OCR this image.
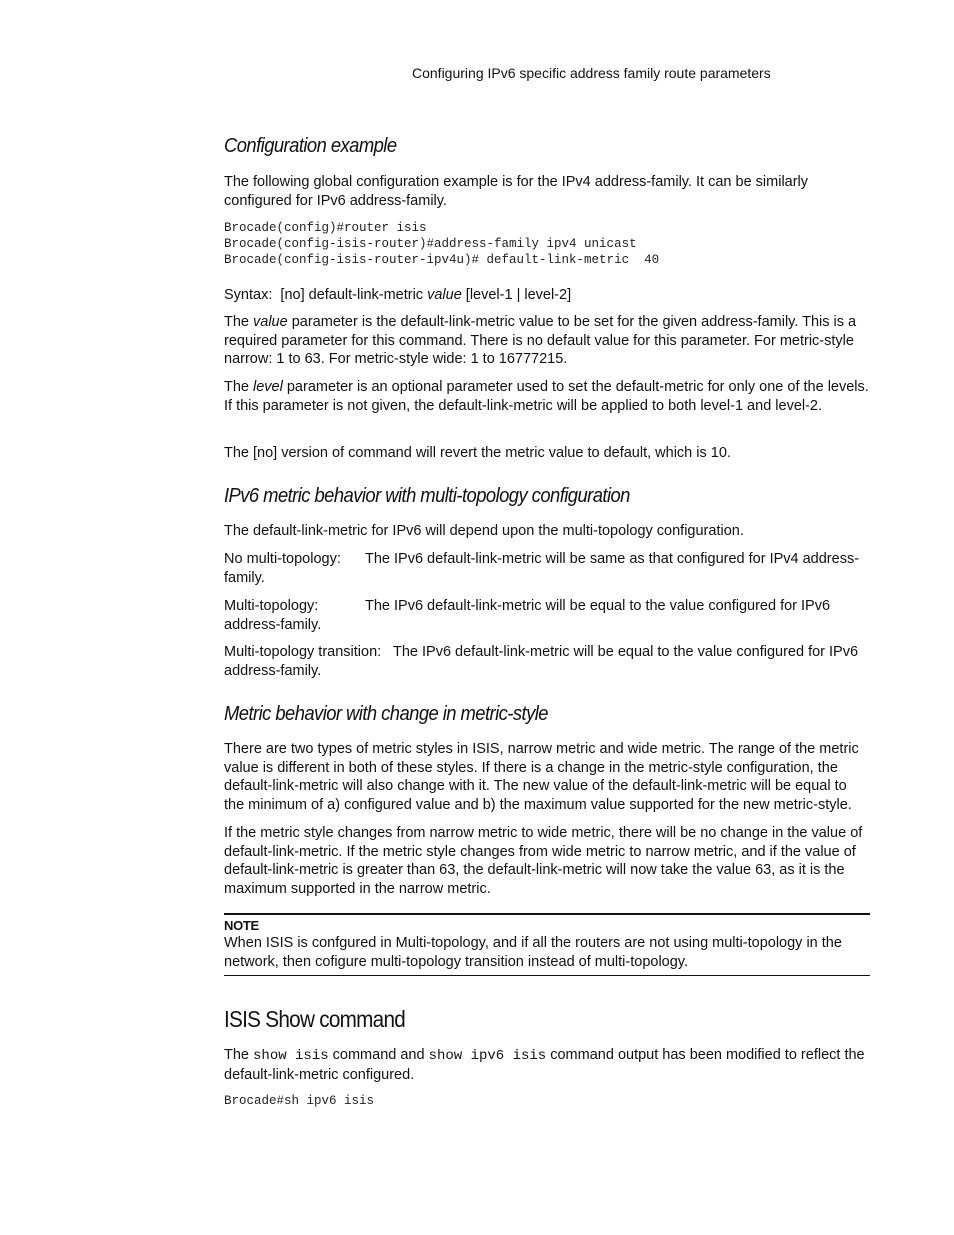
Configuring IPv6 specific address family route parameters
Configuration example

The following global configuration example is for the IPv4 address-family. It can be similarly configured for IPv6 address-family.

Brocade(config)#router isis
Brocade(config-isis-router)#address-family ipv4 unicast
Brocade(config-isis-router-ipv4u)# default-link-metric  40
Syntax: [no] default-link-metric value [level-1 | level-2]

The value parameter is the default-link-metric value to be set for the given address-family. This is a required parameter for this command. There is no default value for this parameter. For metric-style narrow: 1 to 63. For metric-style wide: 1 to 16777215.

The level parameter is an optional parameter used to set the default-metric for only one of the levels. If this parameter is not given, the default-link-metric will be applied to both level-1 and level-2.

The [no] version of command will revert the metric value to default, which is 10.

IPv6 metric behavior with multi-topology configuration

The default-link-metric for IPv6 will depend upon the multi-topology configuration.

No multi-topology: The IPv6 default-link-metric will be same as that configured for IPv4 address-family.
Multi-topology:	The IPv6 default-link-metric will be equal to the value configured for IPv6 address-family.
Multi-topology transition: The IPv6 default-link-metric will be equal to the value configured for IPv6 address-family.
Metric behavior with change in metric-style

There are two types of metric styles in ISIS, narrow metric and wide metric. The range of the metric value is different in both of these styles. If there is a change in the metric-style configuration, the default-link-metric will also change with it. The new value of the default-link-metric will be equal to the minimum of a) configured value and b) the maximum value supported for the new metric-style.

If the metric style changes from narrow metric to wide metric, there will be no change in the value of default-link-metric. If the metric style changes from wide metric to narrow metric, and if the value of default-link-metric is greater than 63, the default-link-metric will now take the value 63, as it is the maximum supported in the narrow metric.

NOTE

When ISIS is confgured in Multi-topology, and if all the routers are not using multi-topology in the network, then cofigure multi-topology transition instead of multi-topology.

ISIS Show command

The show isis command and show ipv6 isis command output has been modified to reflect the default-link-metric configured.

Brocade#sh ipv6 isis
